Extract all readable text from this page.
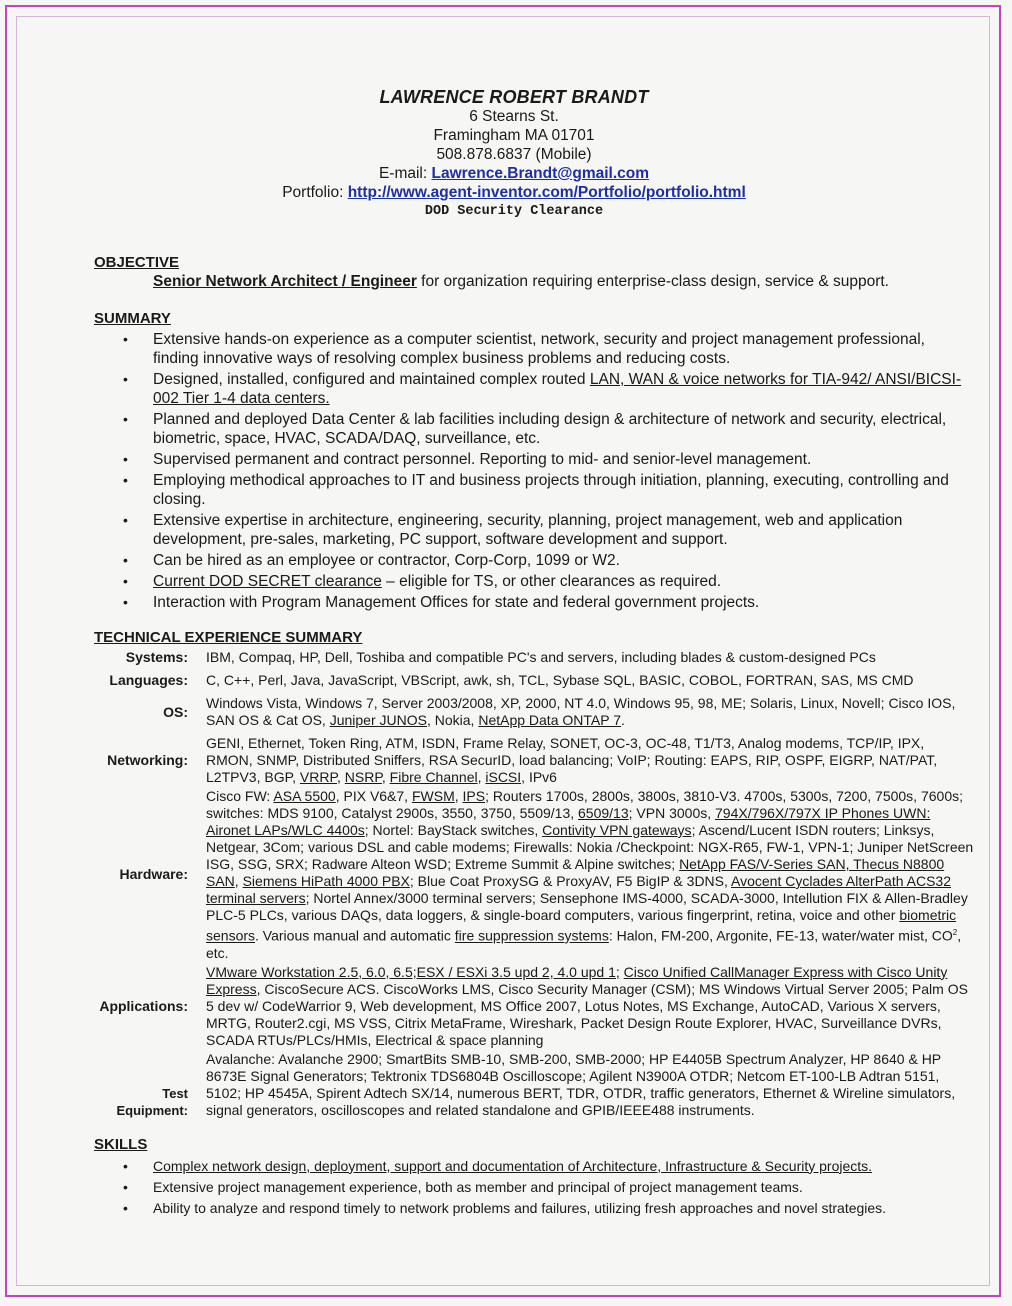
LAWRENCE ROBERT BRANDT
6 Stearns St.
Framingham MA 01701
508.878.6837 (Mobile)
E-mail: Lawrence.Brandt@gmail.com
Portfolio: http://www.agent-inventor.com/Portfolio/portfolio.html
DOD Security Clearance
OBJECTIVE
Senior Network Architect / Engineer for organization requiring enterprise-class design, service & support.
SUMMARY
• Extensive hands-on experience as a computer scientist, network, security and project management professional, finding innovative ways of resolving complex business problems and reducing costs.
• Designed, installed, configured and maintained complex routed LAN, WAN & voice networks for TIA-942/ ANSI/BICSI-002 Tier 1-4 data centers.
• Planned and deployed Data Center & lab facilities including design & architecture of network and security, electrical, biometric, space, HVAC, SCADA/DAQ, surveillance, etc.
• Supervised permanent and contract personnel. Reporting to mid- and senior-level management.
• Employing methodical approaches to IT and business projects through initiation, planning, executing, controlling and closing.
• Extensive expertise in architecture, engineering, security, planning, project management, web and application development, pre-sales, marketing, PC support, software development and support.
• Can be hired as an employee or contractor, Corp-Corp, 1099 or W2.
• Current DOD SECRET clearance – eligible for TS, or other clearances as required.
• Interaction with Program Management Offices for state and federal government projects.
TECHNICAL EXPERIENCE SUMMARY
Systems:	IBM, Compaq, HP, Dell, Toshiba and compatible PC's and servers, including blades & custom-designed PCs
Languages:	C, C++, Perl, Java, JavaScript, VBScript, awk, sh, TCL, Sybase SQL, BASIC, COBOL, FORTRAN, SAS, MS CMD
OS:
Windows Vista, Windows 7, Server 2003/2008, XP, 2000, NT 4.0, Windows 95, 98, ME; Solaris, Linux, Novell; Cisco IOS, SAN OS & Cat OS, Juniper JUNOS, Nokia, NetApp Data ONTAP 7.
Networking:
GENI, Ethernet, Token Ring, ATM, ISDN, Frame Relay, SONET, OC-3, OC-48, T1/T3, Analog modems, TCP/IP, IPX, RMON, SNMP, Distributed Sniffers, RSA SecurID, load balancing; VoIP; Routing: EAPS, RIP, OSPF, EIGRP, NAT/PAT, L2TPV3, BGP, VRRP, NSRP, Fibre Channel, iSCSI, IPv6
Hardware:
Cisco FW: ASA 5500, PIX V6&7, FWSM, IPS; Routers 1700s, 2800s, 3800s, 3810-V3. 4700s, 5300s, 7200, 7500s, 7600s; switches: MDS 9100, Catalyst 2900s, 3550, 3750, 5509/13, 6509/13; VPN 3000s, 794X/796X/797X IP Phones UWN: Aironet LAPs/WLC 4400s; Nortel: BayStack switches, Contivity VPN gateways; Ascend/Lucent ISDN routers; Linksys, Netgear, 3Com; various DSL and cable modems; Firewalls: Nokia /Checkpoint: NGX-R65, FW-1, VPN-1; Juniper NetScreen ISG, SSG, SRX; Radware Alteon WSD; Extreme Summit & Alpine switches; NetApp FAS/V-Series SAN, Thecus N8800 SAN, Siemens HiPath 4000 PBX; Blue Coat ProxySG & ProxyAV, F5 BigIP & 3DNS, Avocent Cyclades AlterPath ACS32 terminal servers; Nortel Annex/3000 terminal servers; Sensephone IMS-4000, SCADA-3000, Intellution FIX & Allen-Bradley PLC-5 PLCs, various DAQs, data loggers, & single-board computers, various fingerprint, retina, voice and other biometric sensors. Various manual and automatic fire suppression systems: Halon, FM-200, Argonite, FE-13, water/water mist, $CO^2$, etc.
Applications:
VMware Workstation 2.5, 6.0, 6.5;ESX / ESXi 3.5 upd 2, 4.0 upd 1; Cisco Unified CallManager Express with Cisco Unity Express, CiscoSecure ACS. CiscoWorks LMS, Cisco Security Manager (CSM); MS Windows Virtual Server 2005; Palm OS 5 dev w/ CodeWarrior 9, Web development, MS Office 2007, Lotus Notes, MS Exchange, AutoCAD, Various X servers, MRTG, Router2.cgi, MS VSS, Citrix MetaFrame, Wireshark, Packet Design Route Explorer, HVAC, Surveillance DVRs, SCADA RTUs/PLCs/HMIs, Electrical & space planning
Test
Equipment:
Avalanche: Avalanche 2900; SmartBits SMB-10, SMB-200, SMB-2000; HP E4405B Spectrum Analyzer, HP 8640 & HP 8673E Signal Generators; Tektronix TDS6804B Oscilloscope; Agilent N3900A OTDR; Netcom ET-100-LB Adtran 5151, 5102; HP 4545A, Spirent Adtech SX/14, numerous BERT, TDR, OTDR, traffic generators, Ethernet & Wireline simulators, signal generators, oscilloscopes and related standalone and GPIB/IEEE488 instruments.
SKILLS
• Complex network design, deployment, support and documentation of Architecture, Infrastructure & Security projects.
• Extensive project management experience, both as member and principal of project management teams.
• Ability to analyze and respond timely to network problems and failures, utilizing fresh approaches and novel strategies.
